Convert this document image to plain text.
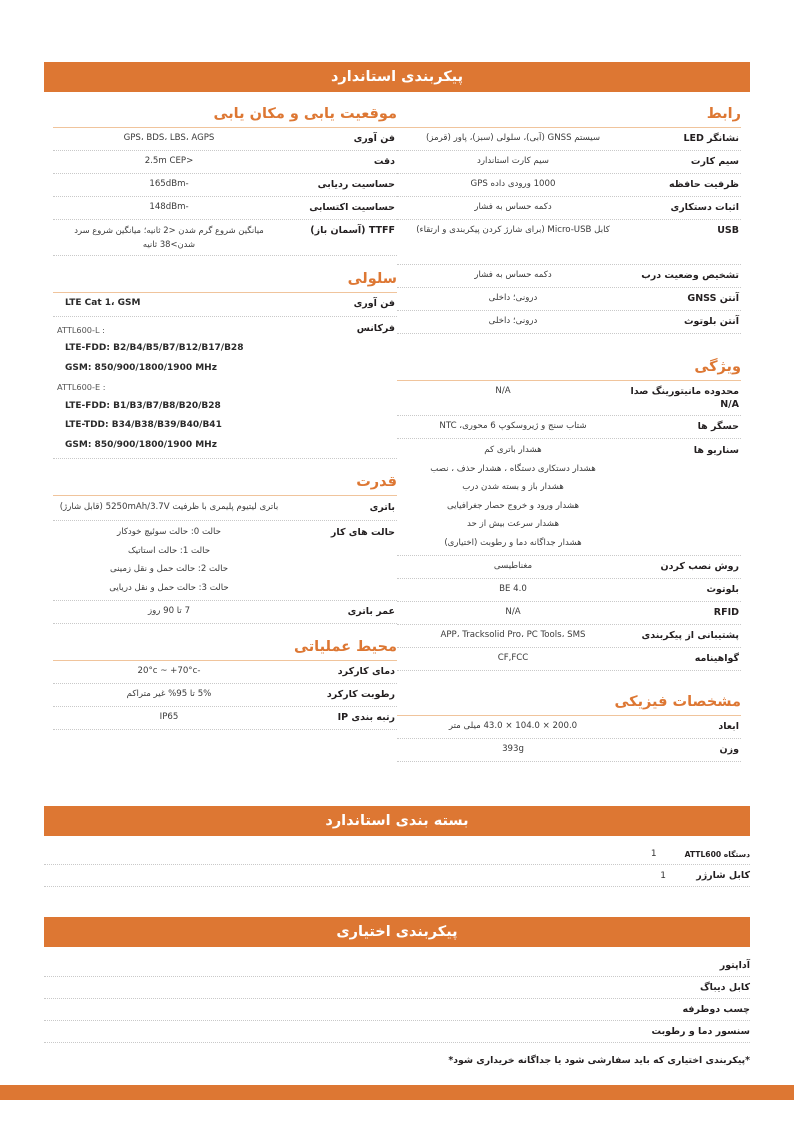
پیکربندی استاندارد
موقعیت یابی و مکان یابی
فن آوری
GPS، BDS، LBS، AGPS
دقت
<2.5m CEP
حساسیت ردیابی
-165dBm
حساسیت اکتسابی
-148dBm
TTFF (آسمان باز)
میانگین شروع گرم شدن <2 ثانیه؛ میانگین شروع سرد شدن>38 ثانیه
سلولی
فن آوری
LTE Cat 1، GSM
فرکانس
ATTL600-L :
LTE-FDD: B2/B4/B5/B7/B12/B17/B28
GSM: 850/900/1800/1900 MHz
ATTL600-E :
LTE-FDD: B1/B3/B7/B8/B20/B28
LTE-TDD: B34/B38/B39/B40/B41
GSM: 850/900/1800/1900 MHz
قدرت
باتری
باتری لیتیوم پلیمری با ظرفیت 5250mAh/3.7V (قابل شارژ)
حالت های کار
حالت 0: حالت سوئیچ خودکار
حالت 1: حالت استاتیک
حالت 2: حالت حمل و نقل زمینی
حالت 3: حالت حمل و نقل دریایی
عمر باتری
7 تا 90 روز
محیط عملیاتی
دمای کارکرد
-20°c ~ +70°c
رطوبت کارکرد
5% تا 95% غیر متراکم
رتبه بندی IP
IP65
رابط
نشانگر LED
سیستم GNSS (آبی)، سلولی (سبز)، پاور (قرمز)
سیم کارت
سیم کارت استاندارد
ظرفیت حافظه
1000 ورودی داده GPS
اثبات دستکاری
دکمه حساس به فشار
USB
کابل Micro-USB (برای شارژ کردن پیکربندی و ارتقاء)
تشخیص وضعیت درب
دکمه حساس به فشار
آنتن GNSS
درونی؛ داخلی
آنتن بلوتوث
درونی؛ داخلی
ویژگی
محدوده مانیتورینگ صدا N/A
N/A
حسگر ها
شتاب سنج و ژیروسکوپ 6 محوری، NTC
سناریو ها
هشدار باتری کم
هشدار دستکاری دستگاه ، هشدار حذف ، نصب
هشدار باز و بسته شدن درب
هشدار ورود و خروج حصار جغرافیایی
هشدار سرعت بیش از حد
هشدار جداگانه دما و رطوبت (اختیاری)
روش نصب کردن
مغناطیسی
بلوتوث
BE 4.0
RFID
N/A
پشتیبانی از پیکربندی
APP، Tracksolid Pro، PC Tools، SMS
گواهینامه
CF,FCC
مشخصات فیزیکی
ابعاد
200.0 × 104.0 × 43.0 میلی متر
وزن
393g
بسته بندی استاندارد
دستگاه ATTL600
1
کابل شارژر
1
پیکربندی اختیاری
آداپتور
کابل دیباگ
چسب دوطرفه
سنسور دما و رطوبت
*پیکربندی اختیاری که باید سفارشی شود یا جداگانه خریداری شود*
